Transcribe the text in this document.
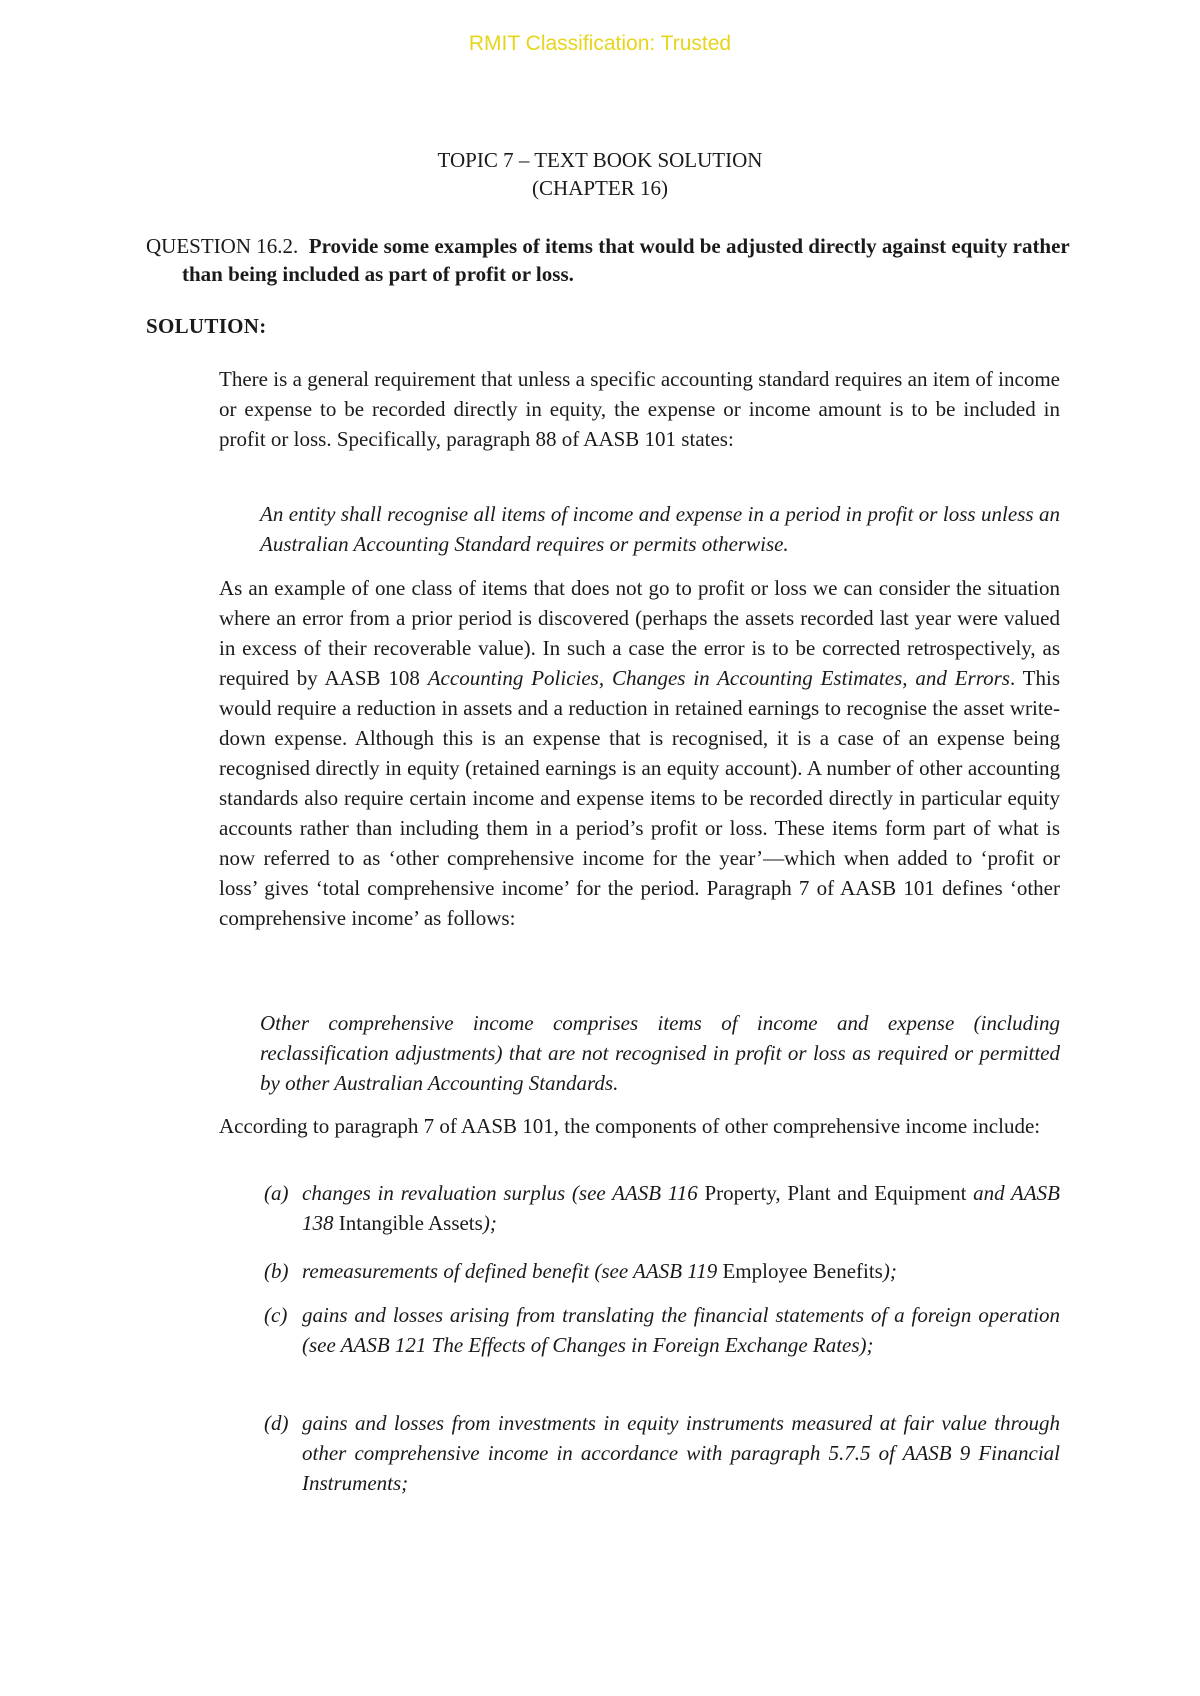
RMIT Classification: Trusted
TOPIC 7 – TEXT BOOK SOLUTION
(CHAPTER 16)
QUESTION 16.2. Provide some examples of items that would be adjusted directly against equity rather than being included as part of profit or loss.
SOLUTION:
There is a general requirement that unless a specific accounting standard requires an item of income or expense to be recorded directly in equity, the expense or income amount is to be included in profit or loss. Specifically, paragraph 88 of AASB 101 states:
An entity shall recognise all items of income and expense in a period in profit or loss unless an Australian Accounting Standard requires or permits otherwise.
As an example of one class of items that does not go to profit or loss we can consider the situation where an error from a prior period is discovered (perhaps the assets recorded last year were valued in excess of their recoverable value). In such a case the error is to be corrected retrospectively, as required by AASB 108 Accounting Policies, Changes in Accounting Estimates, and Errors. This would require a reduction in assets and a reduction in retained earnings to recognise the asset write-down expense. Although this is an expense that is recognised, it is a case of an expense being recognised directly in equity (retained earnings is an equity account). A number of other accounting standards also require certain income and expense items to be recorded directly in particular equity accounts rather than including them in a period’s profit or loss. These items form part of what is now referred to as ‘other comprehensive income for the year’—which when added to ‘profit or loss’ gives ‘total comprehensive income’ for the period. Paragraph 7 of AASB 101 defines ‘other comprehensive income’ as follows:
Other comprehensive income comprises items of income and expense (including reclassification adjustments) that are not recognised in profit or loss as required or permitted by other Australian Accounting Standards.
According to paragraph 7 of AASB 101, the components of other comprehensive income include:
(a) changes in revaluation surplus (see AASB 116 Property, Plant and Equipment and AASB 138 Intangible Assets);
(b) remeasurements of defined benefit (see AASB 119 Employee Benefits);
(c) gains and losses arising from translating the financial statements of a foreign operation (see AASB 121 The Effects of Changes in Foreign Exchange Rates);
(d) gains and losses from investments in equity instruments measured at fair value through other comprehensive income in accordance with paragraph 5.7.5 of AASB 9 Financial Instruments;
